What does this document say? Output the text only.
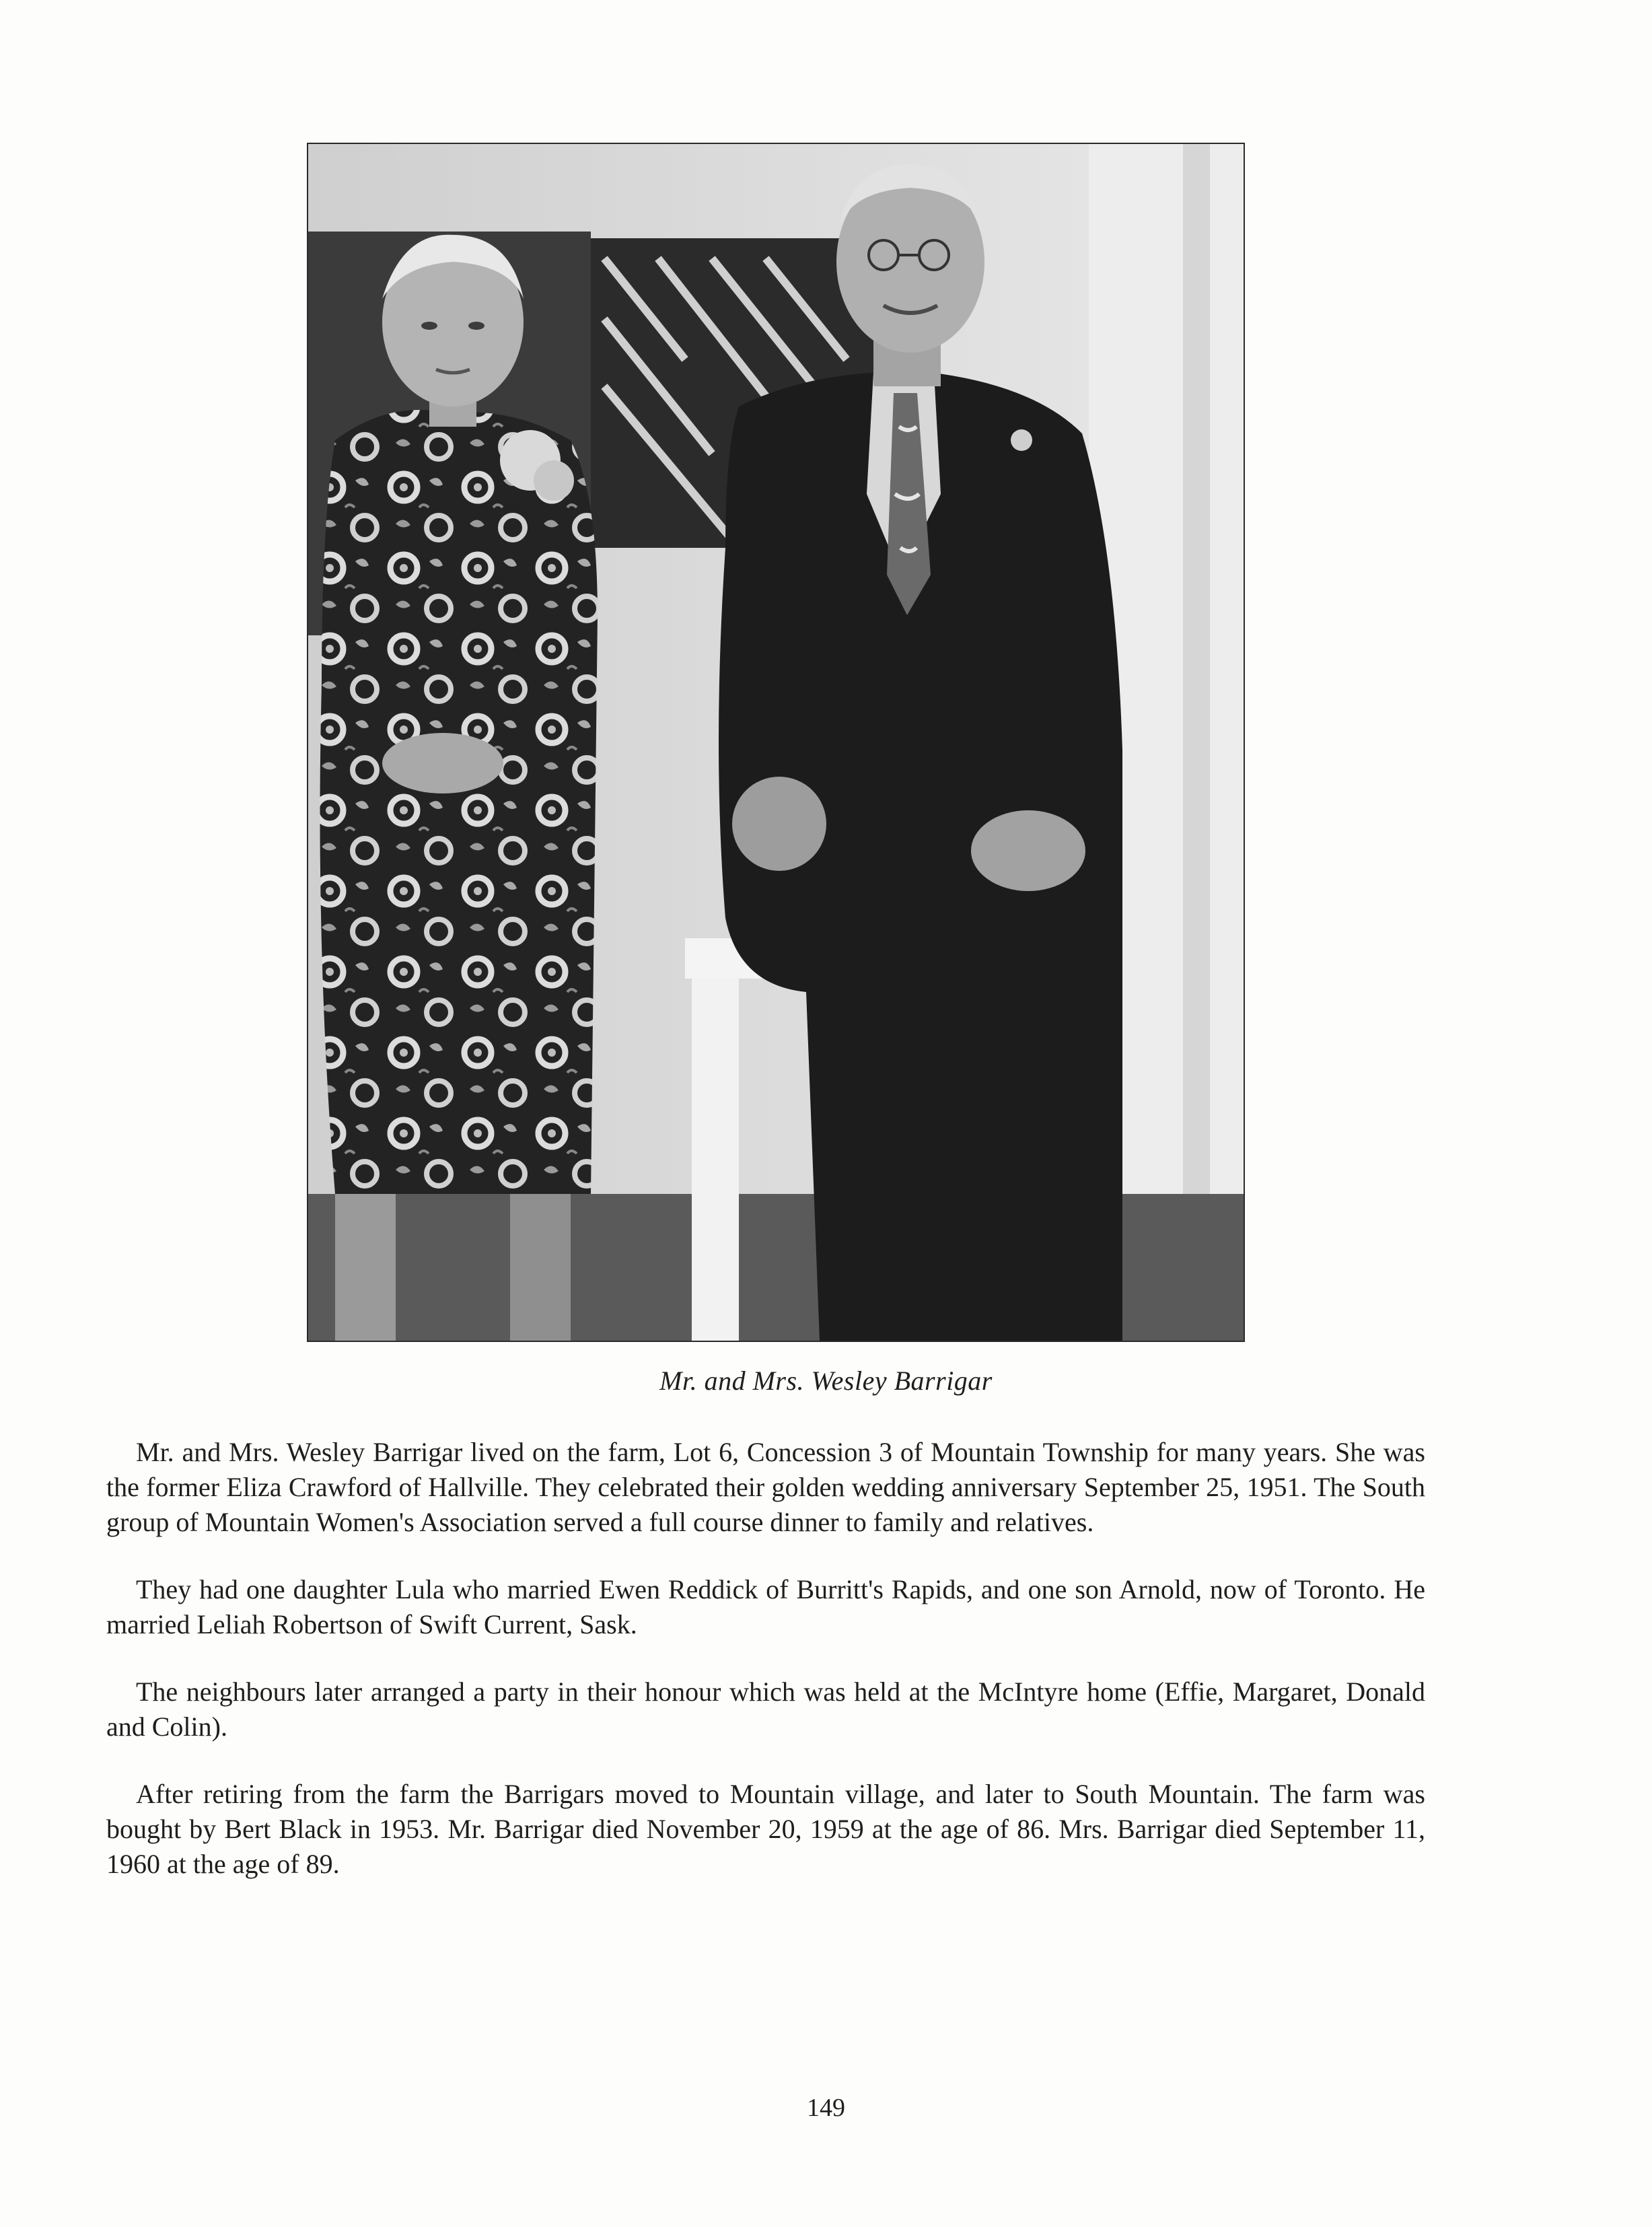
Mr. and Mrs. Wesley Barrigar

Mr. and Mrs. Wesley Barrigar lived on the farm, Lot 6, Concession 3 of Mountain Township for many years. She was the former Eliza Crawford of Hallville. They celebrated their golden wedding anniversary September 25, 1951. The South group of Mountain Women's Association served a full course dinner to family and relatives.

They had one daughter Lula who married Ewen Reddick of Burritt's Rapids, and one son Arnold, now of Toronto. He married Leliah Robertson of Swift Current, Sask.

The neighbours later arranged a party in their honour which was held at the McIntyre home (Effie, Margaret, Donald and Colin).

After retiring from the farm the Barrigars moved to Mountain village, and later to South Mountain. The farm was bought by Bert Black in 1953. Mr. Barrigar died November 20, 1959 at the age of 86. Mrs. Barrigar died September 11, 1960 at the age of 89.

149
